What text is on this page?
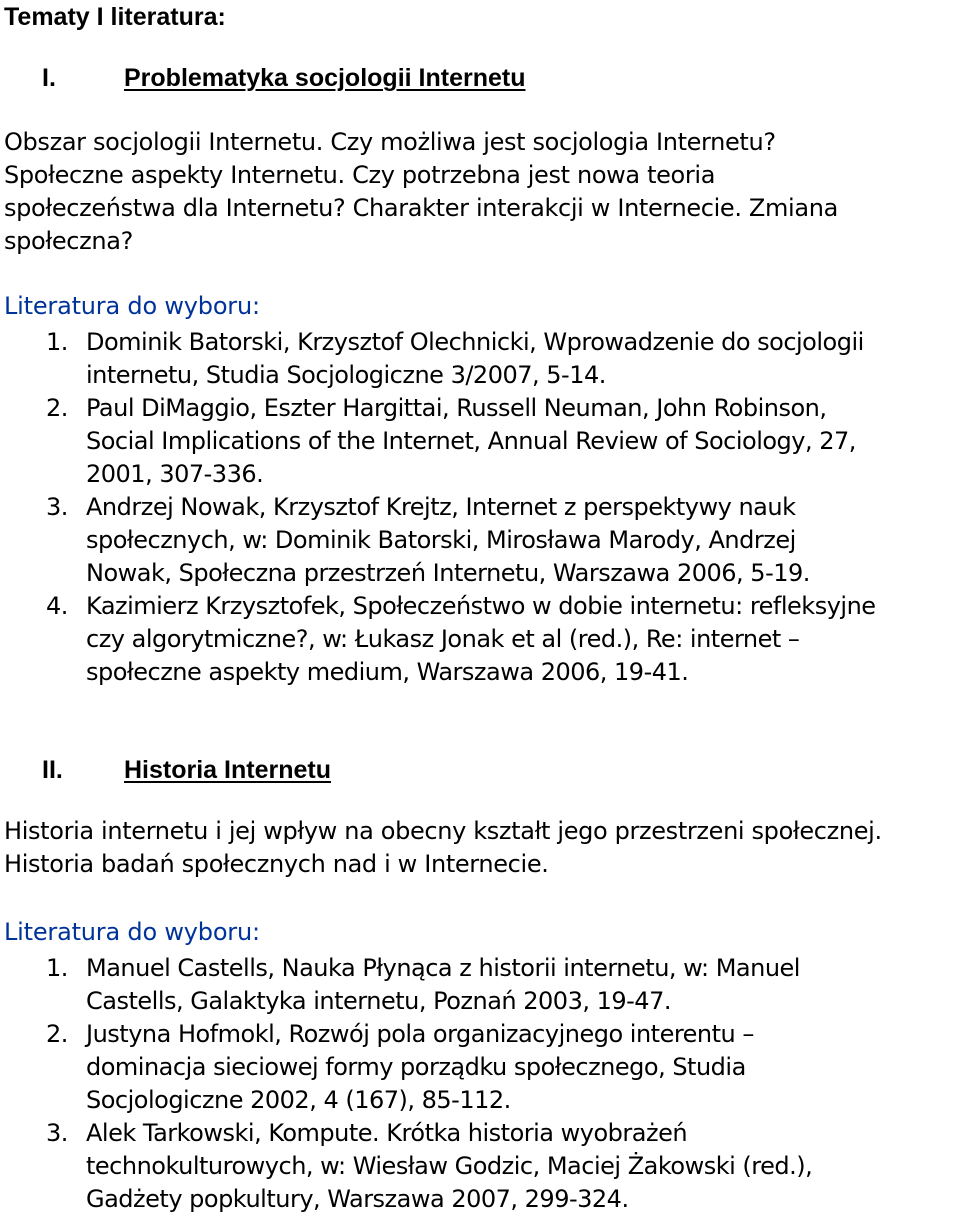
Tematy I literatura:
I.	Problematyka socjologii Internetu
Obszar socjologii Internetu. Czy możliwa jest socjologia Internetu?
Społeczne aspekty Internetu. Czy potrzebna jest nowa teoria
społeczeństwa dla Internetu? Charakter interakcji w Internecie. Zmiana
społeczna?
Literatura do wyboru:
1. Dominik Batorski, Krzysztof Olechnicki, Wprowadzenie do socjologii
internetu, Studia Socjologiczne 3/2007, 5-14.
2. Paul DiMaggio, Eszter Hargittai, Russell Neuman, John Robinson,
Social Implications of the Internet, Annual Review of Sociology, 27,
2001, 307-336.
3. Andrzej Nowak, Krzysztof Krejtz, Internet z perspektywy nauk
społecznych, w: Dominik Batorski, Mirosława Marody, Andrzej
Nowak, Społeczna przestrzeń Internetu, Warszawa 2006, 5-19.
4. Kazimierz Krzysztofek, Społeczeństwo w dobie internetu: refleksyjne
czy algorytmiczne?, w: Łukasz Jonak et al (red.), Re: internet –
społeczne aspekty medium, Warszawa 2006, 19-41.
II. Historia Internetu
Historia internetu i jej wpływ na obecny kształt jego przestrzeni społecznej.
Historia badań społecznych nad i w Internecie.
Literatura do wyboru:
1. Manuel Castells, Nauka Płynąca z historii internetu, w: Manuel
Castells, Galaktyka internetu, Poznań 2003, 19-47.
2. Justyna Hofmokl, Rozwój pola organizacyjnego interentu –
dominacja sieciowej formy porządku społecznego, Studia
Socjologiczne 2002, 4 (167), 85-112.
3. Alek Tarkowski, Kompute. Krótka historia wyobrażeń
technokulturowych, w: Wiesław Godzic, Maciej Żakowski (red.),
Gadżety popkultury, Warszawa 2007, 299-324.
